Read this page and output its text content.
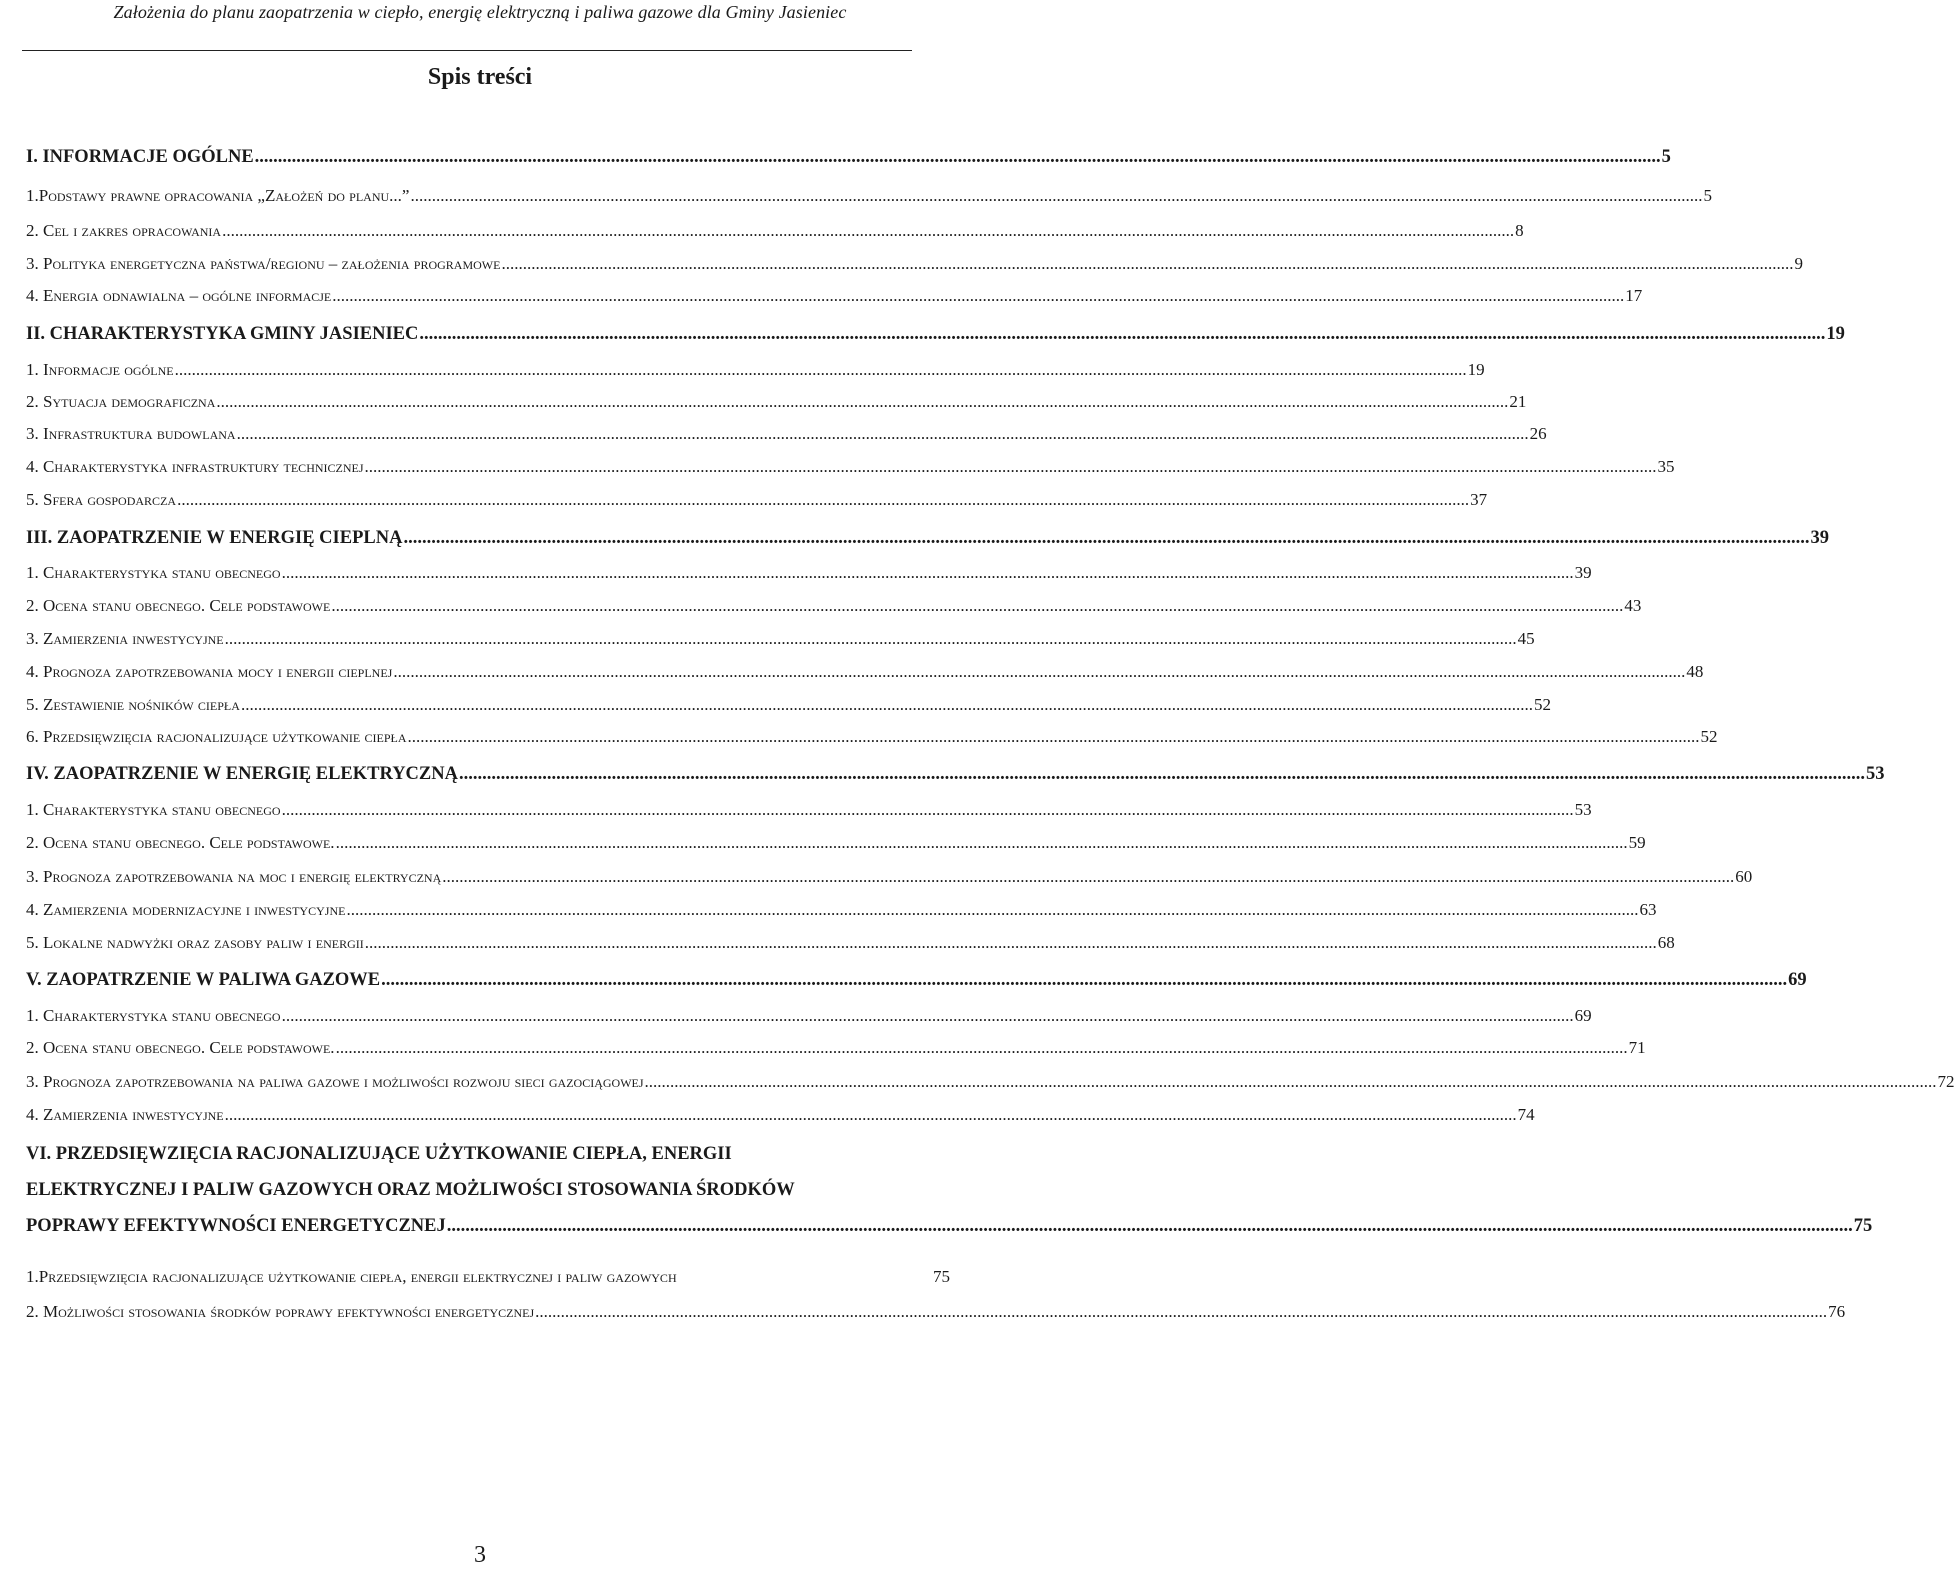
Założenia do planu zaopatrzenia w ciepło, energię elektryczną i paliwa gazowe dla Gminy Jasieniec
Spis treści
I. INFORMACJE OGÓLNE .....	5
1.Podstawy prawne opracowania „Założeń do planu...” .....	5
2. Cel i zakres opracowania .....	8
3. Polityka energetyczna państwa/regionu – założenia programowe .....	9
4. Energia odnawialna – ogólne informacje .....	17
II. CHARAKTERYSTYKA GMINY JASIENIEC .....	19
1. Informacje ogólne .....	19
2. Sytuacja demograficzna .....	21
3. Infrastruktura budowlana .....	26
4. Charakterystyka infrastruktury technicznej .....	35
5. Sfera gospodarcza .....	37
III. ZAOPATRZENIE W ENERGIĘ CIEPLNĄ .....	39
1. Charakterystyka stanu obecnego .....	39
2. Ocena stanu obecnego. Cele podstawowe .....	43
3. Zamierzenia inwestycyjne .....	45
4. Prognoza zapotrzebowania mocy i energii cieplnej .....	48
5. Zestawienie nośników ciepła .....	52
6. Przedsięwzięcia racjonalizujące użytkowanie ciepła .....	52
IV. ZAOPATRZENIE W ENERGIĘ ELEKTRYCZNĄ .....	53
1. Charakterystyka stanu obecnego .....	53
2. Ocena stanu obecnego. Cele podstawowe. .....	59
3. Prognoza zapotrzebowania na moc i energię elektryczną .....	60
4. Zamierzenia modernizacyjne i inwestycyjne .....	63
5. Lokalne nadwyżki oraz zasoby paliw i energii .....	68
V. ZAOPATRZENIE W PALIWA GAZOWE .....	69
1. Charakterystyka stanu obecnego .....	69
2. Ocena stanu obecnego. Cele podstawowe. .....	71
3. Prognoza zapotrzebowania na paliwa gazowe i możliwości rozwoju sieci gazociągowej .....	72
4. Zamierzenia inwestycyjne .....	74
VI. PRZEDSIĘWZIĘCIA RACJONALIZUJĄCE UŻYTKOWANIE CIEPŁA, ENERGII
ELEKTRYCZNEJ I PALIW GAZOWYCH ORAZ MOŻLIWOŚCI STOSOWANIA ŚRODKÓW
POPRAWY EFEKTYWNOŚCI ENERGETYCZNEJ .....	75
1.Przedsięwzięcia racjonalizujące użytkowanie ciepła, energii elektrycznej i paliw gazowych	75
2. Możliwości stosowania środków poprawy efektywności energetycznej .....	76
3
